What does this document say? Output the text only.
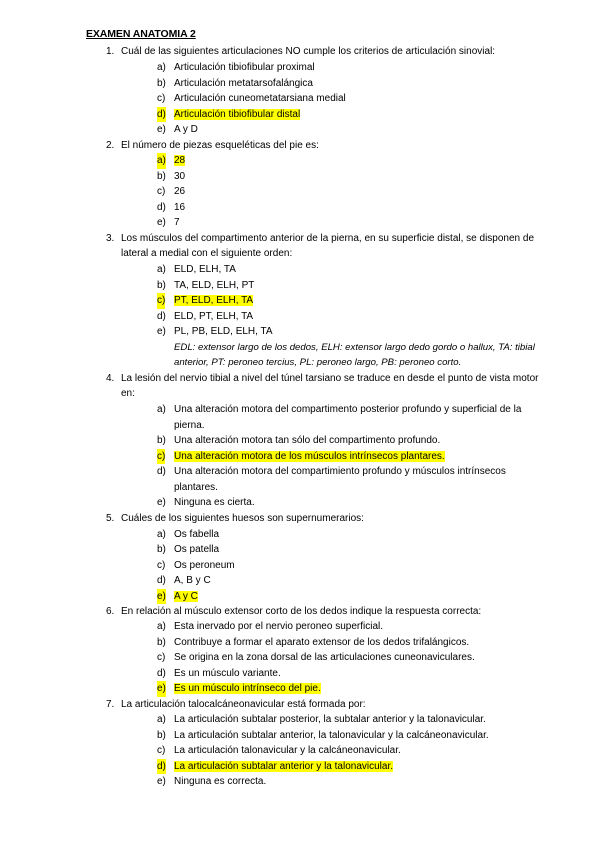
EXAMEN ANATOMIA 2
1. Cuál de las siguientes articulaciones NO cumple los criterios de articulación sinovial:
a) Articulación tibiofibular proximal
b) Articulación metatarsofalángica
c) Articulación cuneometatarsiana medial
d) Articulación tibiofibular distal
e) A y D
2. El número de piezas esqueléticas del pie es:
a) 28
b) 30
c) 26
d) 16
e) 7
3. Los músculos del compartimento anterior de la pierna, en su superficie distal, se disponen de lateral a medial con el siguiente orden:
a) ELD, ELH, TA
b) TA, ELD, ELH, PT
c) PT, ELD, ELH, TA
d) ELD, PT, ELH, TA
e) PL, PB, ELD, ELH, TA
EDL: extensor largo de los dedos, ELH: extensor largo dedo gordo o hallux, TA: tibial anterior, PT: peroneo tercius, PL: peroneo largo, PB: peroneo corto.
4. La lesión del nervio tibial a nivel del túnel tarsiano se traduce en desde el punto de vista motor en:
a) Una alteración motora del compartimento posterior profundo y superficial de la pierna.
b) Una alteración motora tan sólo del compartimento profundo.
c) Una alteración motora de los músculos intrínsecos plantares.
d) Una alteración motora del compartimiento profundo y músculos intrínsecos plantares.
e) Ninguna es cierta.
5. Cuáles de los siguientes huesos son supernumerarios:
a) Os fabella
b) Os patella
c) Os peroneum
d) A, B y C
e) A y C
6. En relación al músculo extensor corto de los dedos indique la respuesta correcta:
a) Esta inervado por el nervio peroneo superficial.
b) Contribuye a formar el aparato extensor de los dedos trifalángicos.
c) Se origina en la zona dorsal de las articulaciones cuneonaviculares.
d) Es un músculo variante.
e) Es un músculo intrínseco del pie.
7. La articulación talocalcáneonavicular está formada por:
a) La articulación subtalar posterior, la subtalar anterior y la talonavicular.
b) La articulación subtalar anterior, la talonavicular y la calcáneonavicular.
c) La articulación talonavicular y la calcáneonavicular.
d) La articulación subtalar anterior y la talonavicular.
e) Ninguna es correcta.
